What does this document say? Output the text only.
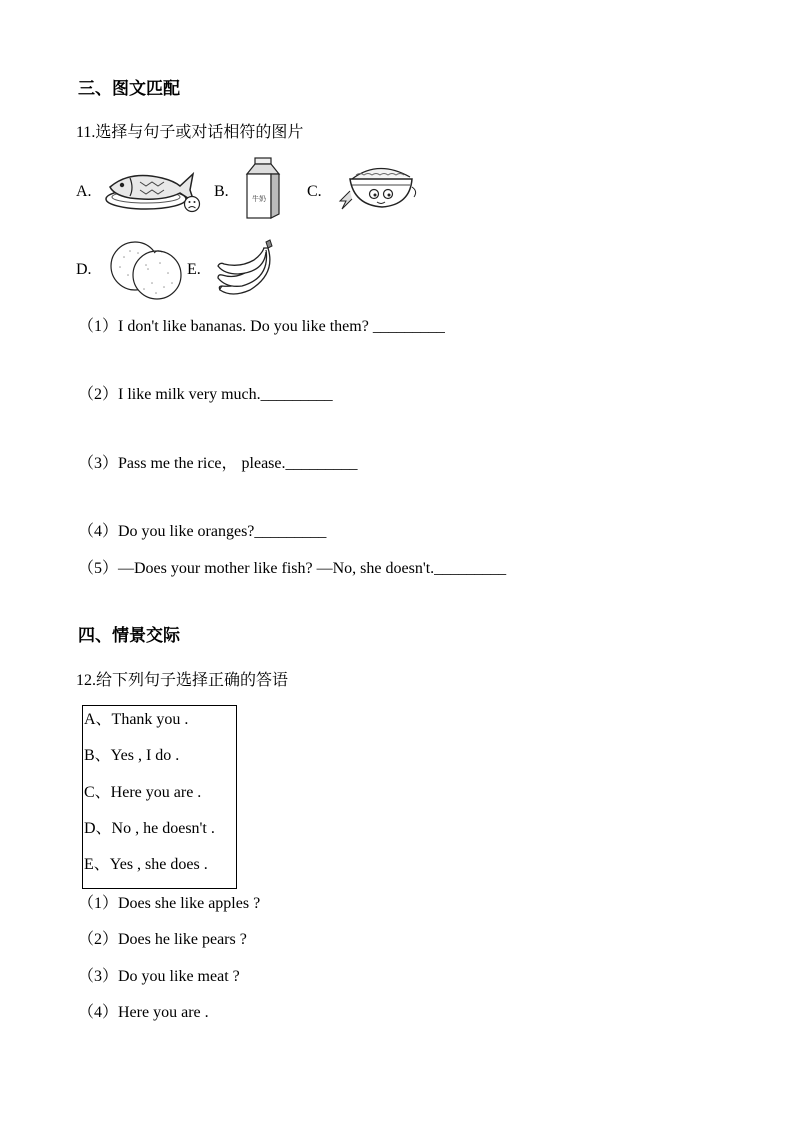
三、图文匹配
11.选择与句子或对话相符的图片
A.	B.	牛奶	C.
D.	E.
（1）I don't like bananas. Do you like them? _________
（2）I like milk very much._________
（3）Pass me the rice， please._________
（4）Do you like oranges?_________
（5）—Does your mother like fish? —No, she doesn't._________
四、情景交际
12.给下列句子选择正确的答语
A、Thank you .
B、Yes , I do .
C、Here you are .
D、No , he doesn't .
E、Yes , she does .
（1）Does she like apples ?
（2）Does he like pears ?
（3）Do you like meat ?
（4）Here you are .
